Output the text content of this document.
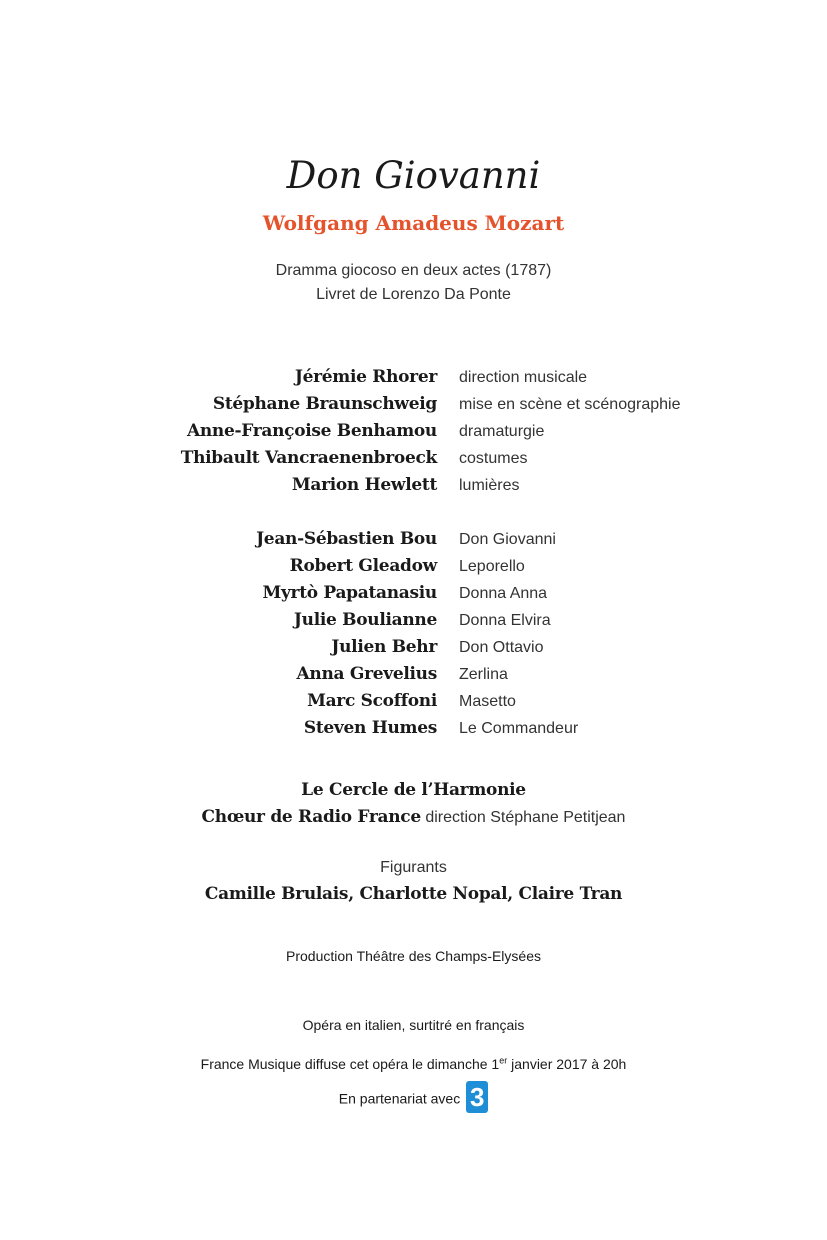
Don Giovanni
Wolfgang Amadeus Mozart
Dramma giocoso en deux actes (1787)
Livret de Lorenzo Da Ponte
Jérémie Rhorer direction musicale
Stéphane Braunschweig mise en scène et scénographie
Anne-Françoise Benhamou dramaturgie
Thibault Vancraenenbroeck costumes
Marion Hewlett lumières
Jean-Sébastien Bou Don Giovanni
Robert Gleadow Leporello
Myrtò Papatanasiu Donna Anna
Julie Boulianne Donna Elvira
Julien Behr Don Ottavio
Anna Grevelius Zerlina
Marc Scoffoni Masetto
Steven Humes Le Commandeur
Le Cercle de l’Harmonie
Chœur de Radio France direction Stéphane Petitjean
Figurants
Camille Brulais, Charlotte Nopal, Claire Tran
Production Théâtre des Champs-Elysées
Opéra en italien, surtitré en français
France Musique diffuse cet opéra le dimanche 1er janvier 2017 à 20h
En partenariat avec 3
